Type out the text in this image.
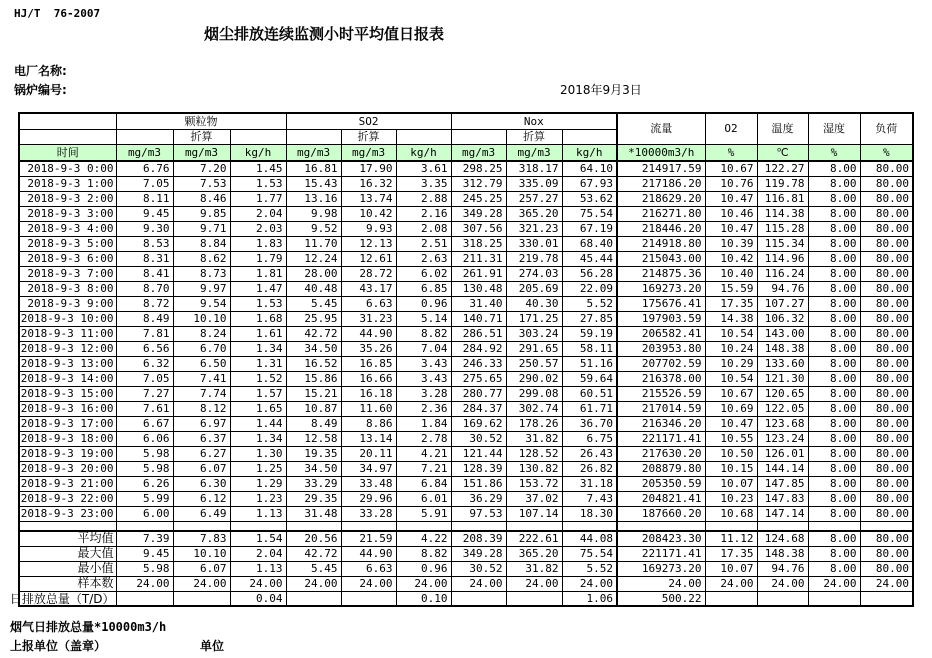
HJ/T  76-2007
烟尘排放连续监测小时平均值日报表
电厂名称:
锅炉编号:	2018年9月3日
	颗粒物			SO2			Nox			流量	O2	温度	湿度	负荷
		折算			折算			折算						
时间	mg/m3	mg/m3	kg/h	mg/m3	mg/m3	kg/h	mg/m3	mg/m3	kg/h	*10000m3/h	%	℃	%	%
2018-9-3 0:00	6.76	7.20	1.45	16.81	17.90	3.61	298.25	318.17	64.10	214917.59	10.67	122.27	8.00	80.00
2018-9-3 1:00	7.05	7.53	1.53	15.43	16.32	3.35	312.79	335.09	67.93	217186.20	10.76	119.78	8.00	80.00
2018-9-3 2:00	8.11	8.46	1.77	13.16	13.74	2.88	245.25	257.27	53.62	218629.20	10.47	116.81	8.00	80.00
2018-9-3 3:00	9.45	9.85	2.04	9.98	10.42	2.16	349.28	365.20	75.54	216271.80	10.46	114.38	8.00	80.00
2018-9-3 4:00	9.30	9.71	2.03	9.52	9.93	2.08	307.56	321.23	67.19	218446.20	10.47	115.28	8.00	80.00
2018-9-3 5:00	8.53	8.84	1.83	11.70	12.13	2.51	318.25	330.01	68.40	214918.80	10.39	115.34	8.00	80.00
2018-9-3 6:00	8.31	8.62	1.79	12.24	12.61	2.63	211.31	219.78	45.44	215043.00	10.42	114.96	8.00	80.00
2018-9-3 7:00	8.41	8.73	1.81	28.00	28.72	6.02	261.91	274.03	56.28	214875.36	10.40	116.24	8.00	80.00
2018-9-3 8:00	8.70	9.97	1.47	40.48	43.17	6.85	130.48	205.69	22.09	169273.20	15.59	94.76	8.00	80.00
2018-9-3 9:00	8.72	9.54	1.53	5.45	6.63	0.96	31.40	40.30	5.52	175676.41	17.35	107.27	8.00	80.00
2018-9-3 10:00	8.49	10.10	1.68	25.95	31.23	5.14	140.71	171.25	27.85	197903.59	14.38	106.32	8.00	80.00
2018-9-3 11:00	7.81	8.24	1.61	42.72	44.90	8.82	286.51	303.24	59.19	206582.41	10.54	143.00	8.00	80.00
2018-9-3 12:00	6.56	6.70	1.34	34.50	35.26	7.04	284.92	291.65	58.11	203953.80	10.24	148.38	8.00	80.00
2018-9-3 13:00	6.32	6.50	1.31	16.52	16.85	3.43	246.33	250.57	51.16	207702.59	10.29	133.60	8.00	80.00
2018-9-3 14:00	7.05	7.41	1.52	15.86	16.66	3.43	275.65	290.02	59.64	216378.00	10.54	121.30	8.00	80.00
2018-9-3 15:00	7.27	7.74	1.57	15.21	16.18	3.28	280.77	299.08	60.51	215526.59	10.67	120.65	8.00	80.00
2018-9-3 16:00	7.61	8.12	1.65	10.87	11.60	2.36	284.37	302.74	61.71	217014.59	10.69	122.05	8.00	80.00
2018-9-3 17:00	6.67	6.97	1.44	8.49	8.86	1.84	169.62	178.26	36.70	216346.20	10.47	123.68	8.00	80.00
2018-9-3 18:00	6.06	6.37	1.34	12.58	13.14	2.78	30.52	31.82	6.75	221171.41	10.55	123.24	8.00	80.00
2018-9-3 19:00	5.98	6.27	1.30	19.35	20.11	4.21	121.44	128.52	26.43	217630.20	10.50	126.01	8.00	80.00
2018-9-3 20:00	5.98	6.07	1.25	34.50	34.97	7.21	128.39	130.82	26.82	208879.80	10.15	144.14	8.00	80.00
2018-9-3 21:00	6.26	6.30	1.29	33.29	33.48	6.84	151.86	153.72	31.18	205350.59	10.07	147.85	8.00	80.00
2018-9-3 22:00	5.99	6.12	1.23	29.35	29.96	6.01	36.29	37.02	7.43	204821.41	10.23	147.83	8.00	80.00
2018-9-3 23:00	6.00	6.49	1.13	31.48	33.28	5.91	97.53	107.14	18.30	187660.20	10.68	147.14	8.00	80.00

平均值	7.39	7.83	1.54	20.56	21.59	4.22	208.39	222.61	44.08	208423.30	11.12	124.68	8.00	80.00
最大值	9.45	10.10	2.04	42.72	44.90	8.82	349.28	365.20	75.54	221171.41	17.35	148.38	8.00	80.00
最小值	5.98	6.07	1.13	5.45	6.63	0.96	30.52	31.82	5.52	169273.20	10.07	94.76	8.00	80.00
样本数	24.00	24.00	24.00	24.00	24.00	24.00	24.00	24.00	24.00	24.00	24.00	24.00	24.00	24.00

日排放总量（T/D）			0.04			0.10			1.06	500.22				
烟气日排放总量*10000m3/h
上报单位（盖章）	单位
